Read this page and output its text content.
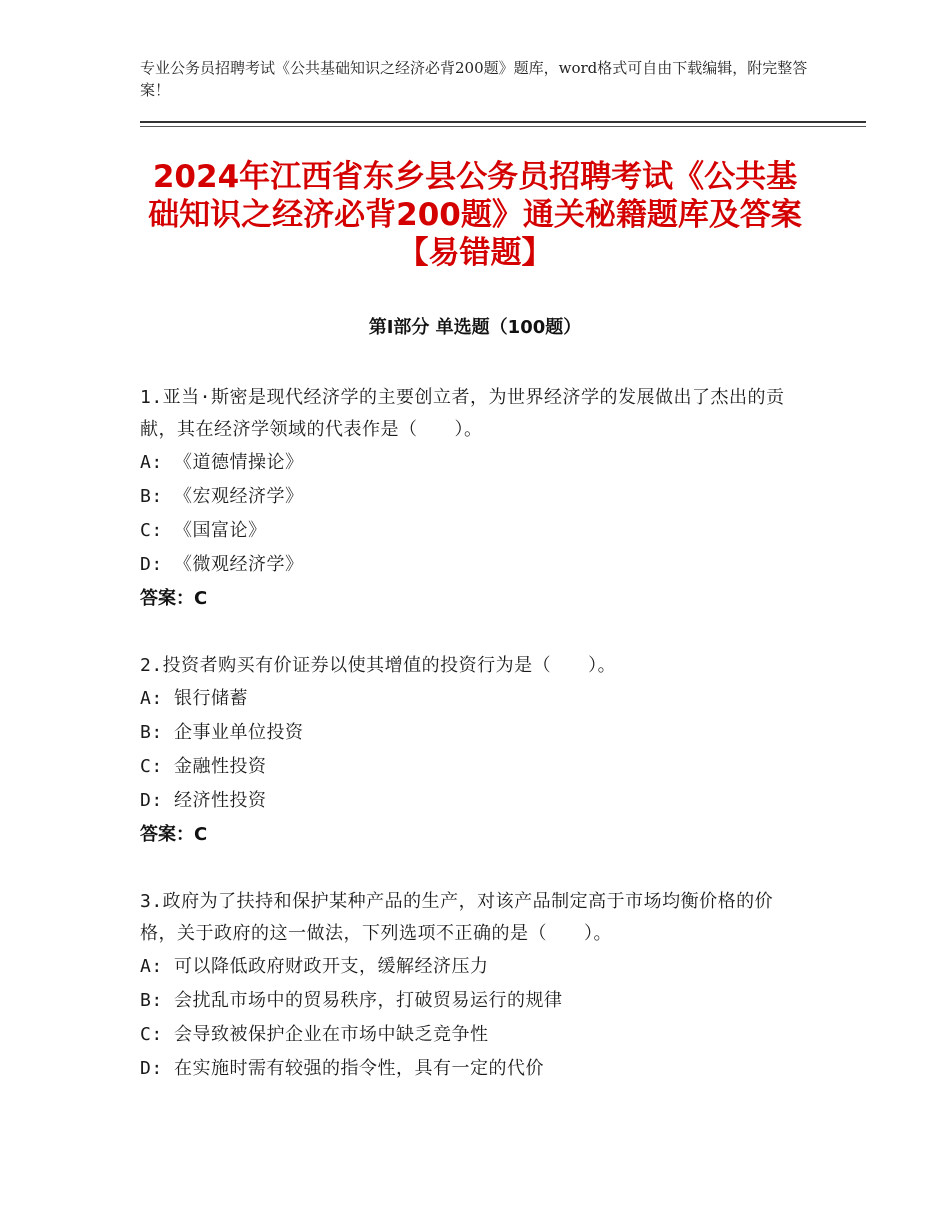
专业公务员招聘考试《公共基础知识之经济必背200题》题库，word格式可自由下载编辑，附完整答案！
2024年江西省东乡县公务员招聘考试《公共基础知识之经济必背200题》通关秘籍题库及答案【易错题】
第Ⅰ部分 单选题（100题）
1.亚当·斯密是现代经济学的主要创立者，为世界经济学的发展做出了杰出的贡献，其在经济学领域的代表作是（　　）。
A: 《道德情操论》
B: 《宏观经济学》
C: 《国富论》
D: 《微观经济学》
答案：C
2.投资者购买有价证券以使其增值的投资行为是（　　）。
A: 银行储蓄
B: 企事业单位投资
C: 金融性投资
D: 经济性投资
答案：C
3.政府为了扶持和保护某种产品的生产，对该产品制定高于市场均衡价格的价格，关于政府的这一做法，下列选项不正确的是（　　）。
A: 可以降低政府财政开支，缓解经济压力
B: 会扰乱市场中的贸易秩序，打破贸易运行的规律
C: 会导致被保护企业在市场中缺乏竞争性
D: 在实施时需有较强的指令性，具有一定的代价
